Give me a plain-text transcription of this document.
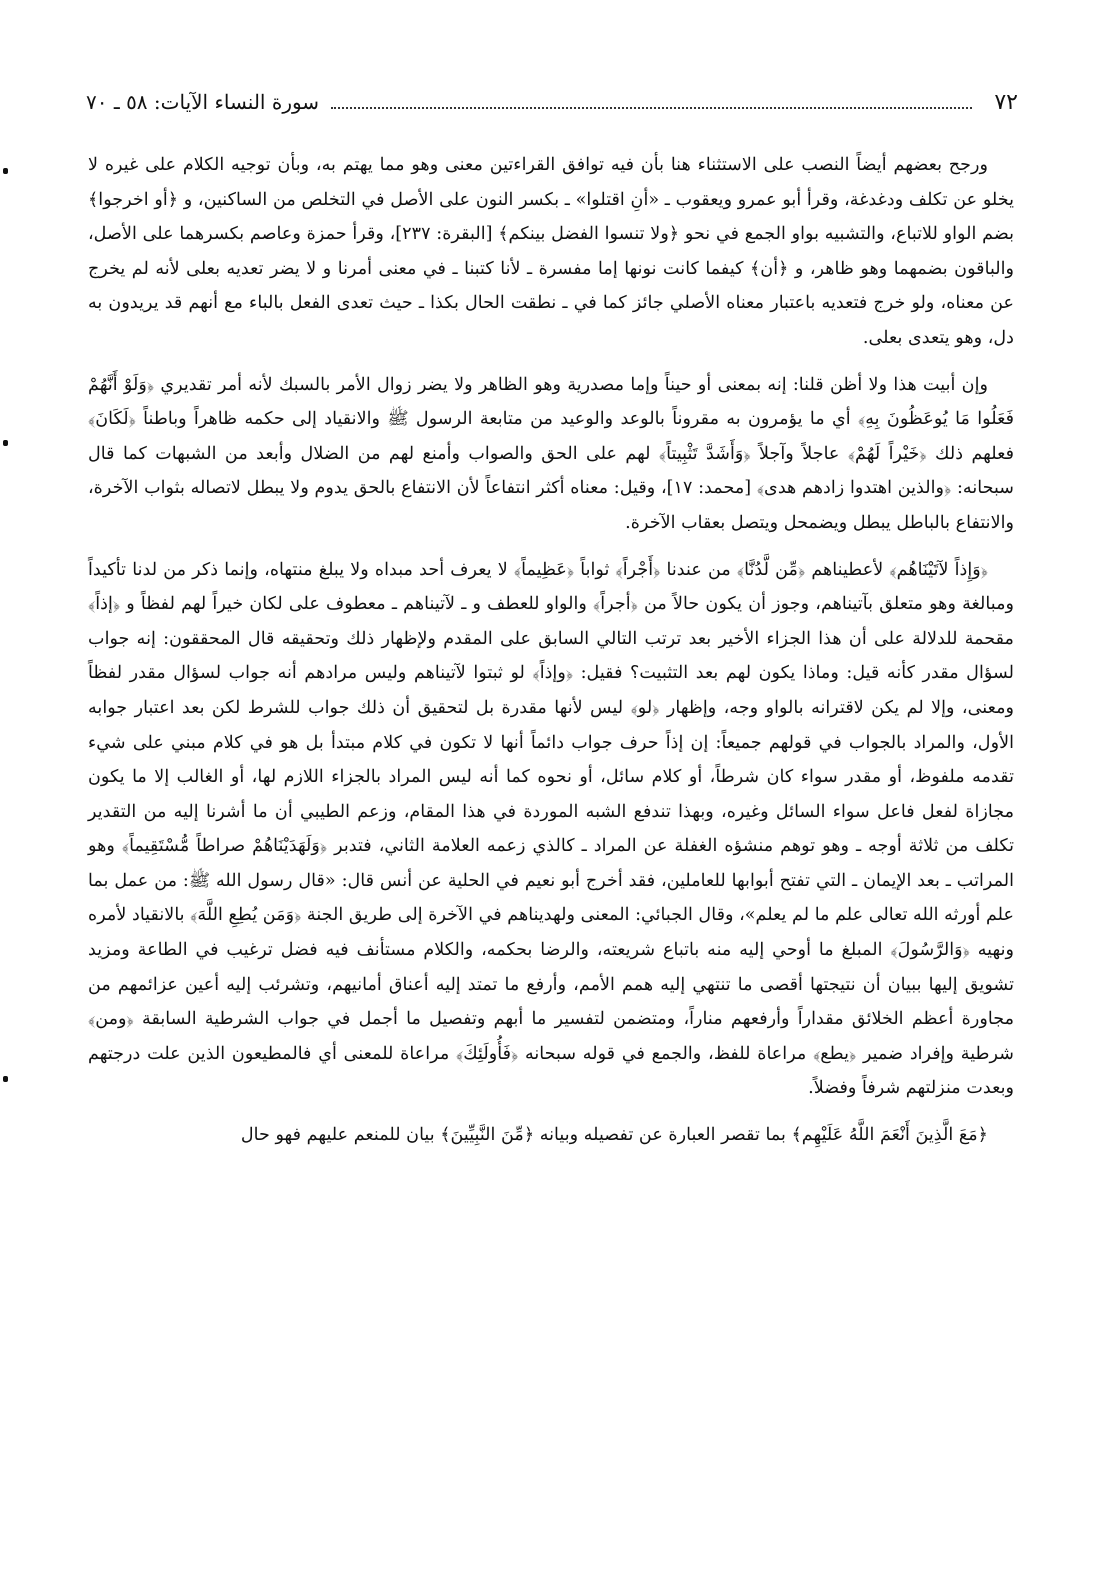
٧٢
سورة النساء الآيات: ٥٨ ـ ٧٠

ورجح بعضهم أيضاً النصب على الاستثناء هنا بأن فيه توافق القراءتين معنى وهو مما يهتم به، وبأن توجيه الكلام على غيره لا يخلو عن تكلف ودغدغة، وقرأ أبو عمرو ويعقوب ـ «أنِ اقتلوا» ـ بكسر النون على الأصل في التخلص من الساكنين، و ﴿أو اخرجوا﴾ بضم الواو للاتباع، والتشبيه بواو الجمع في نحو ﴿ولا تنسوا الفضل بينكم﴾ [البقرة: ٢٣٧]، وقرأ حمزة وعاصم بكسرهما على الأصل، والباقون بضمهما وهو ظاهر، و ﴿أن﴾ كيفما كانت نونها إما مفسرة ـ لأنا كتبنا ـ في معنى أمرنا و لا يضر تعديه بعلى لأنه لم يخرج عن معناه، ولو خرج فتعديه باعتبار معناه الأصلي جائز كما في ـ نطقت الحال بكذا ـ حيث تعدى الفعل بالباء مع أنهم قد يريدون به دل، وهو يتعدى بعلى.

وإن أبيت هذا ولا أظن قلنا: إنه بمعنى أو حيناً وإما مصدرية وهو الظاهر ولا يضر زوال الأمر بالسبك لأنه أمر تقديري ﴿وَلَوْ أَنَّهُمْ فَعَلُوا مَا يُوعَظُونَ بِهِ﴾ أي ما يؤمرون به مقروناً بالوعد والوعيد من متابعة الرسول ﷺ والانقياد إلى حكمه ظاهراً وباطناً ﴿لَكَانَ﴾ فعلهم ذلك ﴿خَيْراً لَهُمْ﴾ عاجلاً وآجلاً ﴿وَأَشَدَّ تَثْبِيتاً﴾ لهم على الحق والصواب وأمنع لهم من الضلال وأبعد من الشبهات كما قال سبحانه: ﴿والذين اهتدوا زادهم هدى﴾ [محمد: ١٧]، وقيل: معناه أكثر انتفاعاً لأن الانتفاع بالحق يدوم ولا يبطل لاتصاله بثواب الآخرة، والانتفاع بالباطل يبطل ويضمحل ويتصل بعقاب الآخرة.

﴿وَإِذاً لآتَيْنَاهُم﴾ لأعطيناهم ﴿مِّن لَّدُنَّا﴾ من عندنا ﴿أَجْراً﴾ ثواباً ﴿عَظِيماً﴾ لا يعرف أحد مبداه ولا يبلغ منتهاه، وإنما ذكر من لدنا تأكيداً ومبالغة وهو متعلق بآتيناهم، وجوز أن يكون حالاً من ﴿أجراً﴾ والواو للعطف و ـ لآتيناهم ـ معطوف على لكان خيراً لهم لفظاً و ﴿إذاً﴾ مقحمة للدلالة على أن هذا الجزاء الأخير بعد ترتب التالي السابق على المقدم ولإظهار ذلك وتحقيقه قال المحققون: إنه جواب لسؤال مقدر كأنه قيل: وماذا يكون لهم بعد التثبيت؟ فقيل: ﴿وإذاً﴾ لو ثبتوا لآتيناهم وليس مرادهم أنه جواب لسؤال مقدر لفظاً ومعنى، وإلا لم يكن لاقترانه بالواو وجه، وإظهار ﴿لو﴾ ليس لأنها مقدرة بل لتحقيق أن ذلك جواب للشرط لكن بعد اعتبار جوابه الأول، والمراد بالجواب في قولهم جميعاً: إن إذاً حرف جواب دائماً أنها لا تكون في كلام مبتدأ بل هو في كلام مبني على شيء تقدمه ملفوظ، أو مقدر سواء كان شرطاً، أو كلام سائل، أو نحوه كما أنه ليس المراد بالجزاء اللازم لها، أو الغالب إلا ما يكون مجازاة لفعل فاعل سواء السائل وغيره، وبهذا تندفع الشبه الموردة في هذا المقام، وزعم الطيبي أن ما أشرنا إليه من التقدير تكلف من ثلاثة أوجه ـ وهو توهم منشؤه الغفلة عن المراد ـ كالذي زعمه العلامة الثاني، فتدبر ﴿وَلَهَدَيْنَاهُمْ صراطاً مُّسْتَقِيماً﴾ وهو المراتب ـ بعد الإيمان ـ التي تفتح أبوابها للعاملين، فقد أخرج أبو نعيم في الحلية عن أنس قال: «قال رسول الله ﷺ: من عمل بما علم أورثه الله تعالى علم ما لم يعلم»، وقال الجبائي: المعنى ولهديناهم في الآخرة إلى طريق الجنة ﴿وَمَن يُطِعِ اللَّهَ﴾ بالانقياد لأمره ونهيه ﴿وَالرَّسُولَ﴾ المبلغ ما أوحي إليه منه باتباع شريعته، والرضا بحكمه، والكلام مستأنف فيه فضل ترغيب في الطاعة ومزيد تشويق إليها ببيان أن نتيجتها أقصى ما تنتهي إليه همم الأمم، وأرفع ما تمتد إليه أعناق أمانيهم، وتشرئب إليه أعين عزائمهم من مجاورة أعظم الخلائق مقداراً وأرفعهم مناراً، ومتضمن لتفسير ما أبهم وتفصيل ما أجمل في جواب الشرطية السابقة ﴿ومن﴾ شرطية وإفراد ضمير ﴿يطع﴾ مراعاة للفظ، والجمع في قوله سبحانه ﴿فَأُولَئِكَ﴾ مراعاة للمعنى أي فالمطيعون الذين علت درجتهم وبعدت منزلتهم شرفاً وفضلاً.

﴿مَعَ الَّذِينَ أَنْعَمَ اللَّهُ عَلَيْهِم﴾ بما تقصر العبارة عن تفصيله وبيانه ﴿مِّنَ النَّبِيِّينَ﴾ بيان للمنعم عليهم فهو حال
